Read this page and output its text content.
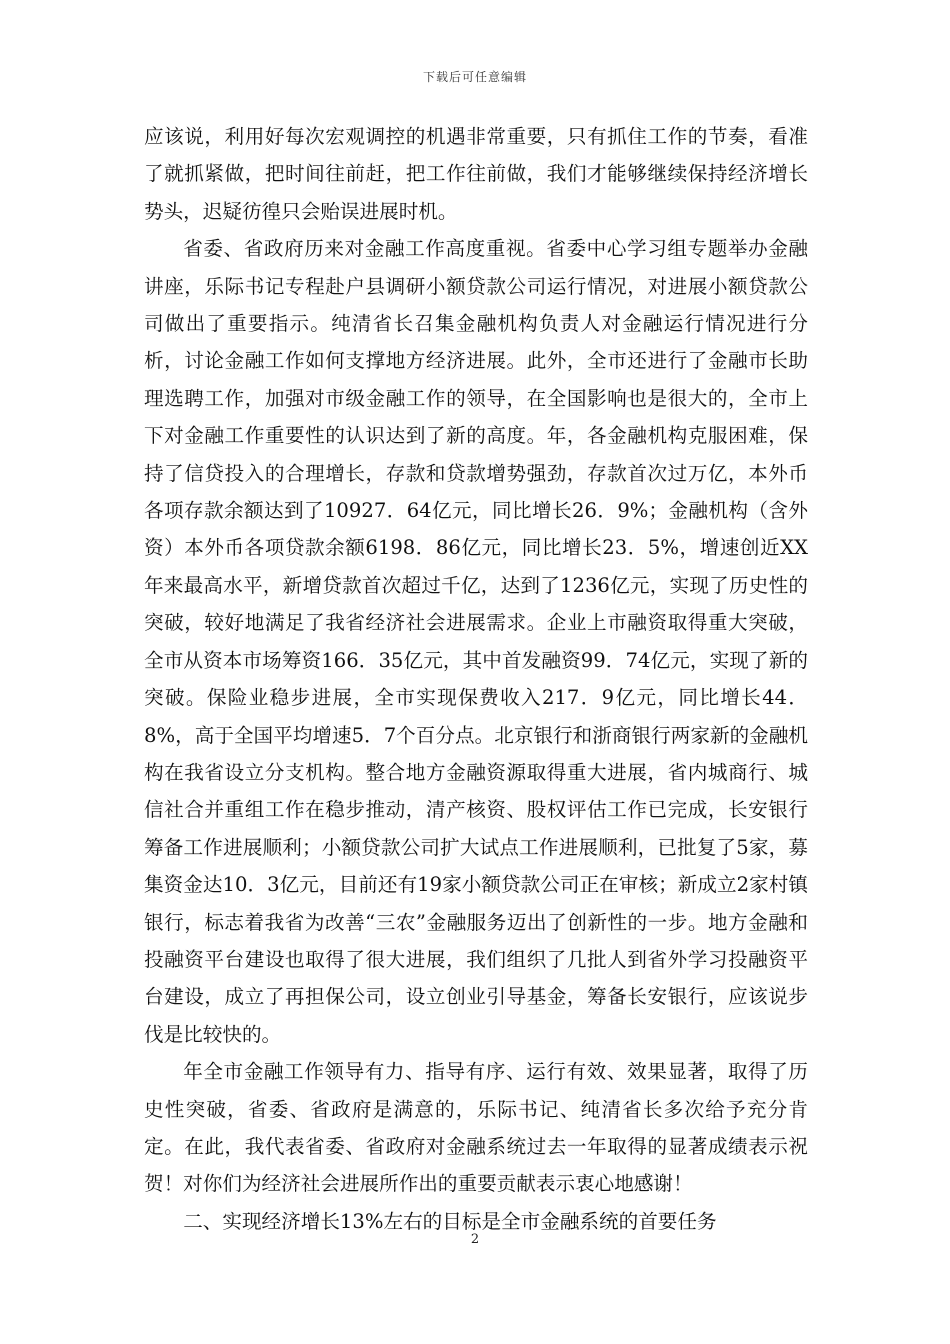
下载后可任意编辑

应该说，利用好每次宏观调控的机遇非常重要，只有抓住工作的节奏，看准了就抓紧做，把时间往前赶，把工作往前做，我们才能够继续保持经济增长势头，迟疑彷徨只会贻误进展时机。

省委、省政府历来对金融工作高度重视。省委中心学习组专题举办金融讲座，乐际书记专程赴户县调研小额贷款公司运行情况，对进展小额贷款公司做出了重要指示。纯清省长召集金融机构负责人对金融运行情况进行分析，讨论金融工作如何支撑地方经济进展。此外，全市还进行了金融市长助理选聘工作，加强对市级金融工作的领导，在全国影响也是很大的，全市上下对金融工作重要性的认识达到了新的高度。年，各金融机构克服困难，保持了信贷投入的合理增长，存款和贷款增势强劲，存款首次过万亿，本外币各项存款余额达到了10927．64亿元，同比增长26．9%；金融机构（含外资）本外币各项贷款余额6198．86亿元，同比增长23．5%，增速创近XX年来最高水平，新增贷款首次超过千亿，达到了1236亿元，实现了历史性的突破，较好地满足了我省经济社会进展需求。企业上市融资取得重大突破，全市从资本市场筹资166．35亿元，其中首发融资99．74亿元，实现了新的突破。保险业稳步进展，全市实现保费收入217．9亿元，同比增长44．8%，高于全国平均增速5．7个百分点。北京银行和浙商银行两家新的金融机构在我省设立分支机构。整合地方金融资源取得重大进展，省内城商行、城信社合并重组工作在稳步推动，清产核资、股权评估工作已完成，长安银行筹备工作进展顺利；小额贷款公司扩大试点工作进展顺利，已批复了5家，募集资金达10．3亿元，目前还有19家小额贷款公司正在审核；新成立2家村镇银行，标志着我省为改善“三农”金融服务迈出了创新性的一步。地方金融和投融资平台建设也取得了很大进展，我们组织了几批人到省外学习投融资平台建设，成立了再担保公司，设立创业引导基金，筹备长安银行，应该说步伐是比较快的。

年全市金融工作领导有力、指导有序、运行有效、效果显著，取得了历史性突破，省委、省政府是满意的，乐际书记、纯清省长多次给予充分肯定。在此，我代表省委、省政府对金融系统过去一年取得的显著成绩表示祝贺！对你们为经济社会进展所作出的重要贡献表示衷心地感谢！

二、实现经济增长13%左右的目标是全市金融系统的首要任务

2
